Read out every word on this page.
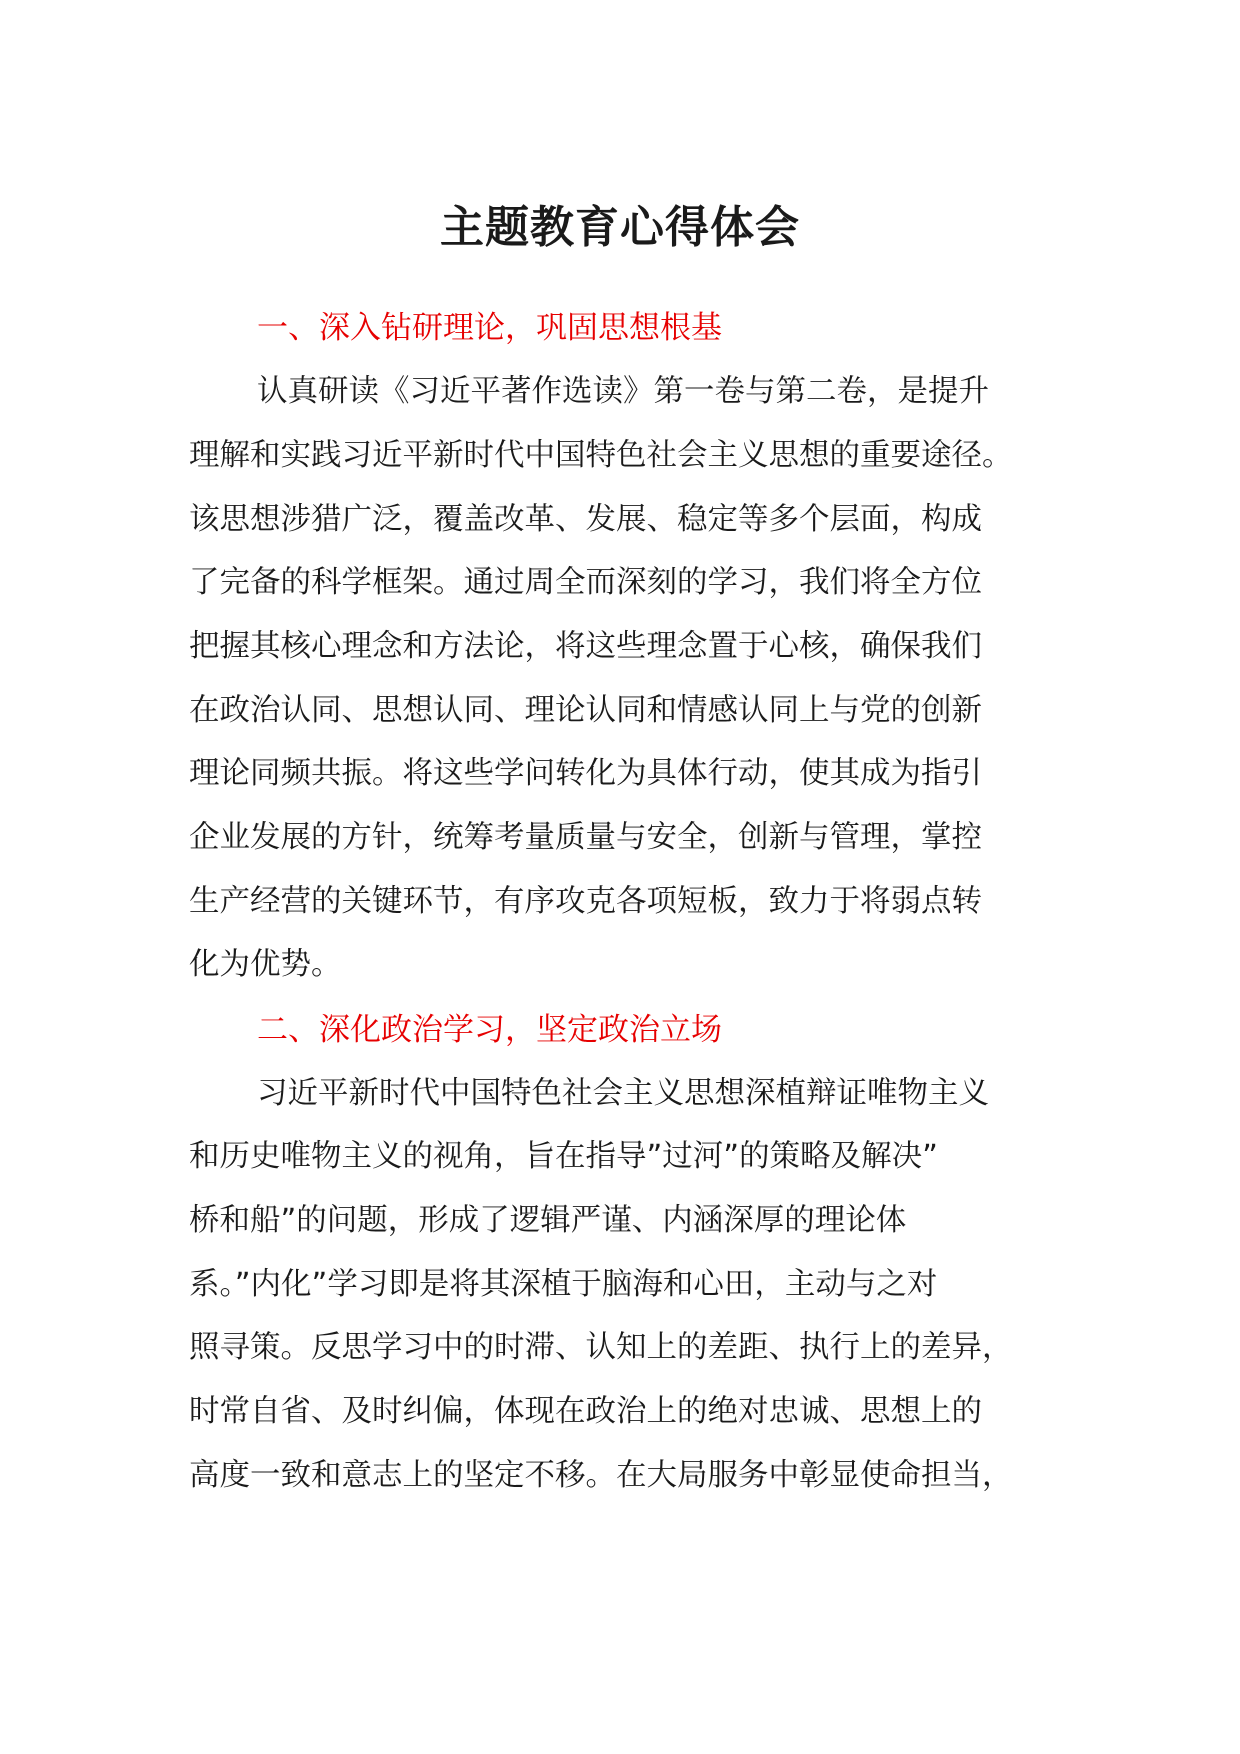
主题教育心得体会
一、深入钻研理论，巩固思想根基
认真研读《习近平著作选读》第一卷与第二卷，是提升
理解和实践习近平新时代中国特色社会主义思想的重要途径。
该思想涉猎广泛，覆盖改革、发展、稳定等多个层面，构成
了完备的科学框架。通过周全而深刻的学习，我们将全方位
把握其核心理念和方法论，将这些理念置于心核，确保我们
在政治认同、思想认同、理论认同和情感认同上与党的创新
理论同频共振。将这些学问转化为具体行动，使其成为指引
企业发展的方针，统筹考量质量与安全，创新与管理，掌控
生产经营的关键环节，有序攻克各项短板，致力于将弱点转
化为优势。
二、深化政治学习，坚定政治立场
习近平新时代中国特色社会主义思想深植辩证唯物主义
和历史唯物主义的视角，旨在指导”过河”的策略及解决”
桥和船”的问题，形成了逻辑严谨、内涵深厚的理论体
系。”内化”学习即是将其深植于脑海和心田，主动与之对
照寻策。反思学习中的时滞、认知上的差距、执行上的差异，
时常自省、及时纠偏，体现在政治上的绝对忠诚、思想上的
高度一致和意志上的坚定不移。在大局服务中彰显使命担当，
